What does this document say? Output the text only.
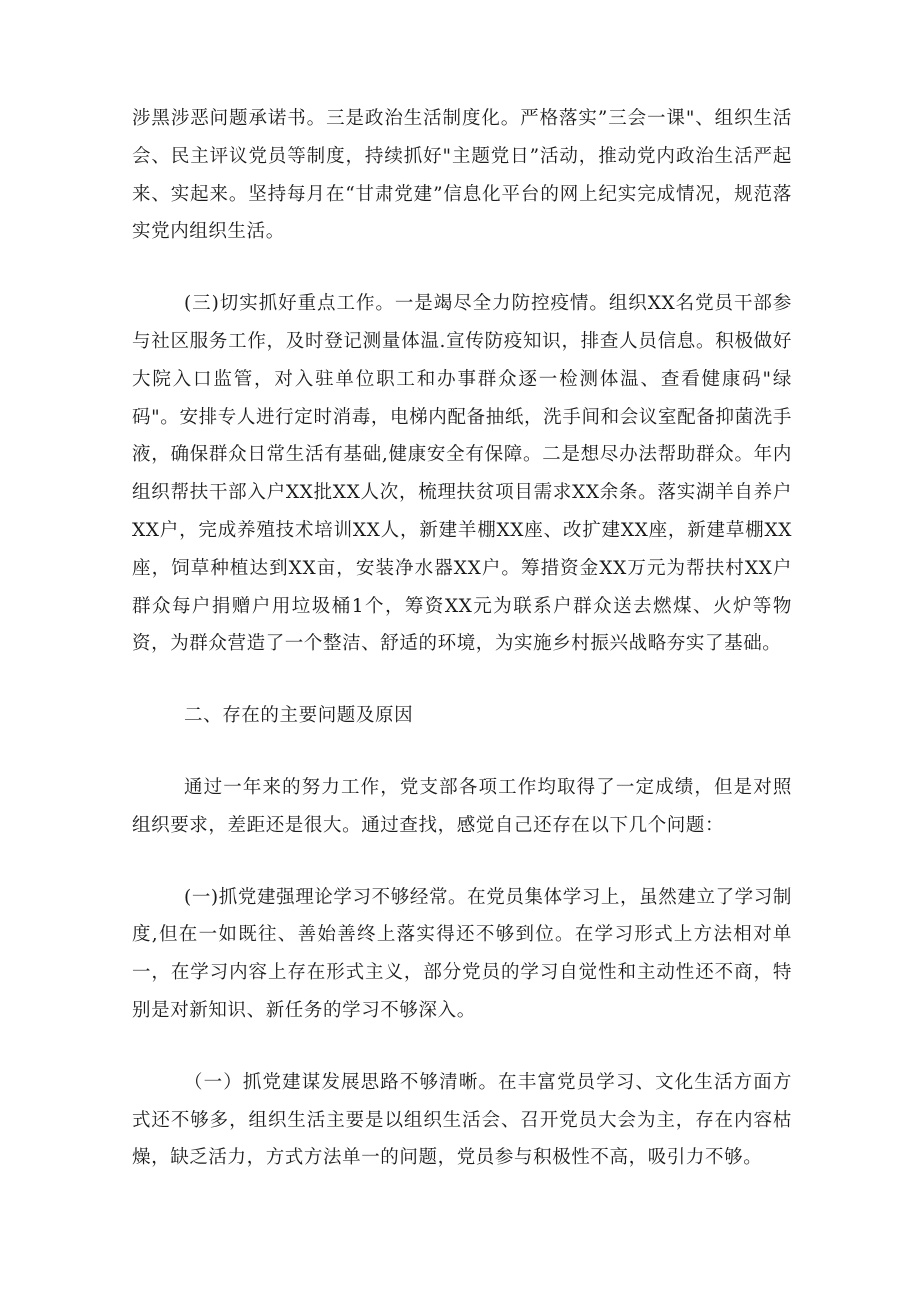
涉黑涉恶问题承诺书。三是政治生活制度化。严格落实”三会一课"、组织生活会、民主评议党员等制度，持续抓好"主题党日”活动，推动党内政治生活严起来、实起来。坚持每月在“甘肃党建”信息化平台的网上纪实完成情况，规范落实党内组织生活。

(三)切实抓好重点工作。一是竭尽全力防控疫情。组织XX名党员干部参与社区服务工作，及时登记测量体温.宣传防疫知识，排查人员信息。积极做好大院入口监管，对入驻单位职工和办事群众逐一检测体温、查看健康码"绿码"。安排专人进行定时消毒，电梯内配备抽纸，洗手间和会议室配备抑菌洗手液，确保群众日常生活有基础,健康安全有保障。二是想尽办法帮助群众。年内组织帮扶干部入户XX批XX人次，梳理扶贫项目需求XX余条。落实湖羊自养户XX户，完成养殖技术培训XX人，新建羊棚XX座、改扩建XX座，新建草棚XX座，饲草种植达到XX亩，安装净水器XX户。筹措资金XX万元为帮扶村XX户群众每户捐赠户用垃圾桶1个，筹资XX元为联系户群众送去燃煤、火炉等物资，为群众营造了一个整洁、舒适的环境，为实施乡村振兴战略夯实了基础。

二、存在的主要问题及原因

通过一年来的努力工作，党支部各项工作均取得了一定成绩，但是对照组织要求，差距还是很大。通过查找，感觉自己还存在以下几个问题：

(一)抓党建强理论学习不够经常。在党员集体学习上，虽然建立了学习制度,但在一如既往、善始善终上落实得还不够到位。在学习形式上方法相对单一，在学习内容上存在形式主义，部分党员的学习自觉性和主动性还不商，特别是对新知识、新任务的学习不够深入。

（一）抓党建谋发展思路不够清晰。在丰富党员学习、文化生活方面方式还不够多，组织生活主要是以组织生活会、召开党员大会为主，存在内容枯燥，缺乏活力，方式方法单一的问题，党员参与积极性不高，吸引力不够。
